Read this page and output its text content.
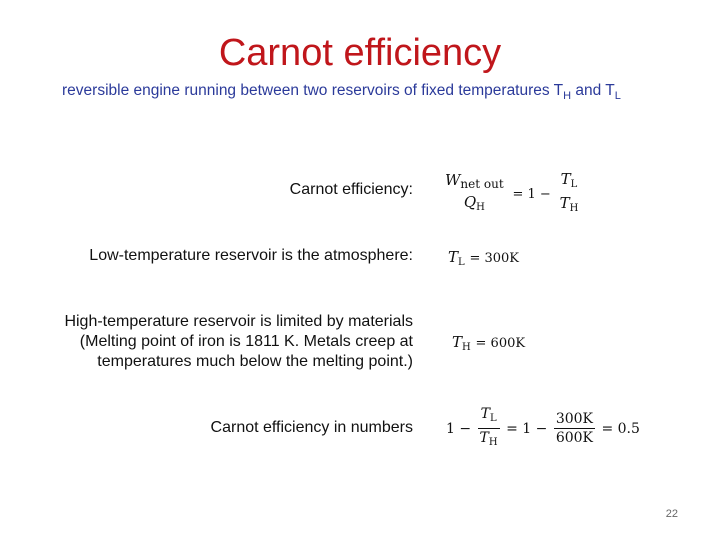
Carnot efficiency
reversible engine running between two reservoirs of fixed temperatures $T_H$ and $T_L$
Carnot efficiency:
$W_{net out}$
$Q_H$
= 1 −
$T_L$
$T_H$
Low-temperature reservoir is the atmosphere: $T_L = 300K$
High-temperature reservoir is limited by materials
(Melting point of iron is 1811 K. Metals creep at
temperatures much below the melting point.)
$T_H = 600K$
Carnot efficiency in numbers $1 - \frac{T_L}{T_H} = 1 - \frac{300K}{600K} = 0.5$
22
